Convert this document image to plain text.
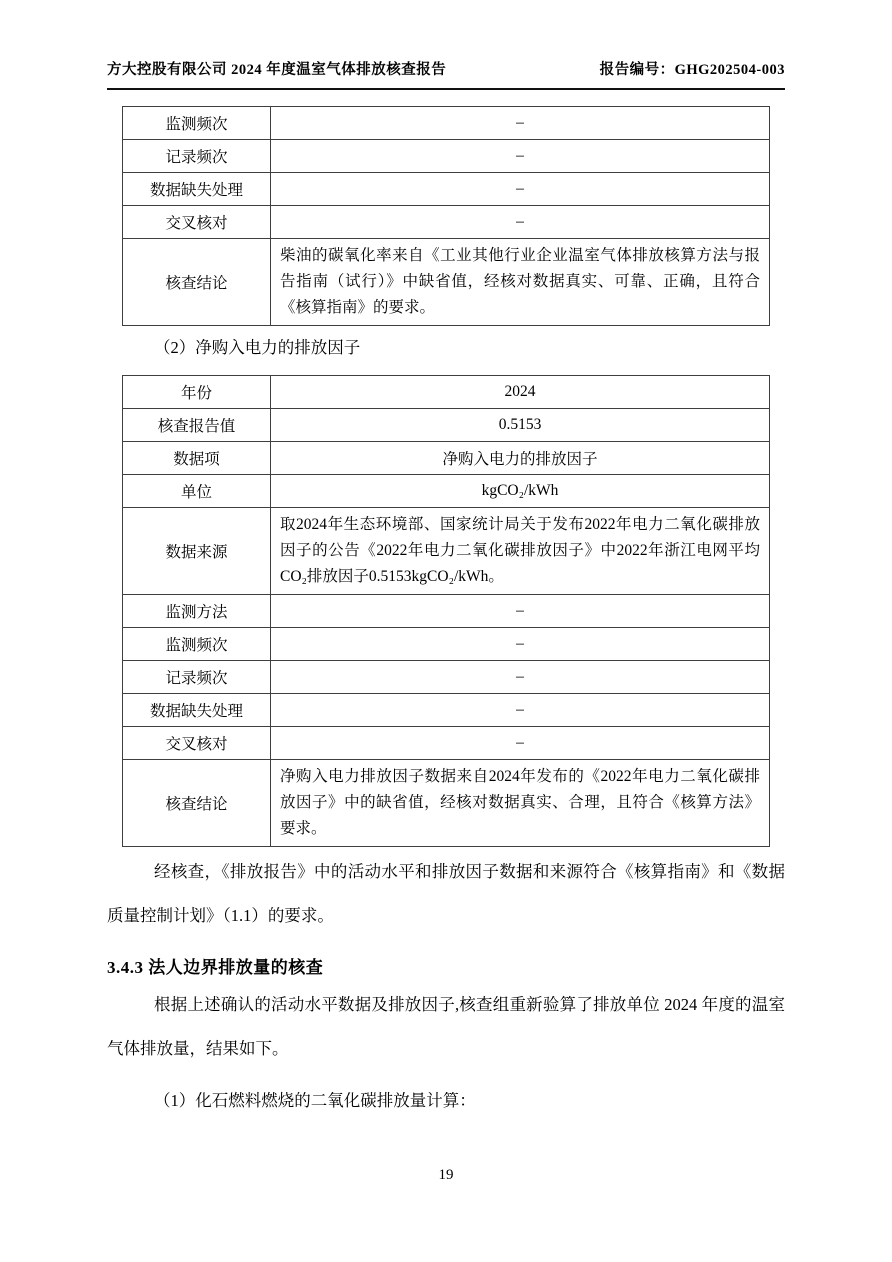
方大控股有限公司 2024 年度温室气体排放核查报告	报告编号：GHG202504-003
监测频次	–
记录频次	–
数据缺失处理	–
交叉核对	–
核查结论	柴油的碳氧化率来自《工业其他行业企业温室气体排放核算方法与报告指南（试行）》中缺省值，经核对数据真实、可靠、正确，且符合《核算指南》的要求。

（2）净购入电力的排放因子

年份	2024
核查报告值	0.5153
数据项	净购入电力的排放因子
单位	kgCO₂/kWh
数据来源	取2024年生态环境部、国家统计局关于发布2022年电力二氧化碳排放因子的公告《2022年电力二氧化碳排放因子》中2022年浙江电网平均CO₂排放因子0.5153kgCO₂/kWh。
监测方法	–
监测频次	–
记录频次	–
数据缺失处理	–
交叉核对	–
核查结论	净购入电力排放因子数据来自2024年发布的《2022年电力二氧化碳排放因子》中的缺省值，经核对数据真实、合理，且符合《核算方法》要求。

经核查，《排放报告》中的活动水平和排放因子数据和来源符合《核算指南》和《数据质量控制计划》（1.1）的要求。

3.4.3 法人边界排放量的核查

根据上述确认的活动水平数据及排放因子,核查组重新验算了排放单位 2024 年度的温室气体排放量，结果如下。

（1）化石燃料燃烧的二氧化碳排放量计算：

19
